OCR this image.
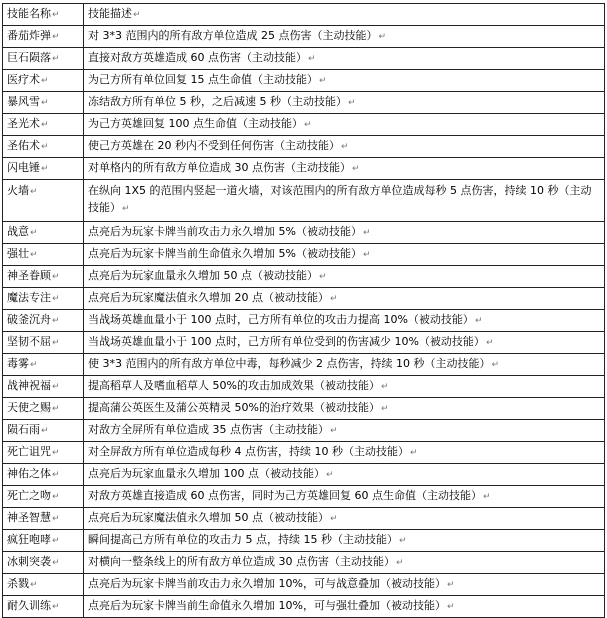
技能名称↵	技能描述↵
番茄炸弹↵	对 3*3 范围内的所有敌方单位造成 25 点伤害（主动技能）↵
巨石陨落↵	直接对敌方英雄造成 60 点伤害（主动技能）↵
医疗术↵	为己方所有单位回复 15 点生命值（主动技能）↵
暴风雪↵	冻结敌方所有单位 5 秒，之后减速 5 秒（主动技能）↵
圣光术↵	为己方英雄回复 100 点生命值（主动技能）↵
圣佑术↵	使己方英雄在 20 秒内不受到任何伤害（主动技能）↵
闪电锤↵	对单格内的所有敌方单位造成 30 点伤害（主动技能）↵
火墙↵	在纵向 1X5 的范围内竖起一道火墙，对该范围内的所有敌方单位造成每秒 5 点伤害，持续 10 秒（主动技能）↵
战意↵	点亮后为玩家卡牌当前攻击力永久增加 5%（被动技能）↵
强壮↵	点亮后为玩家卡牌当前生命值永久增加 5%（被动技能）↵
神圣眷顾↵	点亮后为玩家血量永久增加 50 点（被动技能）↵
魔法专注↵	点亮后为玩家魔法值永久增加 20 点（被动技能）↵
破釜沉舟↵	当战场英雄血量小于 100 点时，己方所有单位的攻击力提高 10%（被动技能）↵
坚韧不屈↵	当战场英雄血量小于 100 点时，己方所有单位受到的伤害减少 10%（被动技能）↵
毒雾↵	使 3*3 范围内的所有敌方单位中毒，每秒减少 2 点伤害，持续 10 秒（主动技能）↵
战神祝福↵	提高稻草人及嗜血稻草人 50%的攻击加成效果（被动技能）↵
天使之赐↵	提高蒲公英医生及蒲公英精灵 50%的治疗效果（被动技能）↵
陨石雨↵	对敌方全屏所有单位造成 35 点伤害（主动技能）↵
死亡诅咒↵	对全屏敌方所有单位造成每秒 4 点伤害，持续 10 秒（主动技能）↵
神佑之体↵	点亮后为玩家血量永久增加 100 点（被动技能）↵
死亡之吻↵	对敌方英雄直接造成 60 点伤害，同时为己方英雄回复 60 点生命值（主动技能）↵
神圣智慧↵	点亮后为玩家魔法值永久增加 50 点（被动技能）↵
疯狂咆哮↵	瞬间提高己方所有单位的攻击力 5 点，持续 15 秒（主动技能）↵
冰刺突袭↵	对横向一整条线上的所有敌方单位造成 30 点伤害（主动技能）↵
杀戮↵	点亮后为玩家卡牌当前攻击力永久增加 10%，可与战意叠加（被动技能）↵
耐久训练↵	点亮后为玩家卡牌当前生命值永久增加 10%，可与强壮叠加（被动技能）↵
